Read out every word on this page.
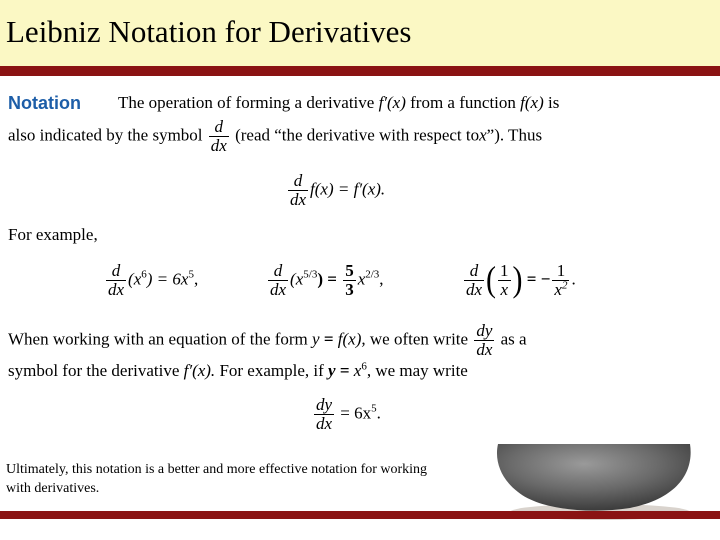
Leibniz Notation for Derivatives
Notation The operation of forming a derivative f′(x) from a function f(x) is
also indicated by the symbol $\frac{d}{dx}$ (read “the derivative with respect tox”). Thus
$\frac{d}{dx} f(x) = f'(x)$.
For example,
$\frac{d}{dx} (x^6) = 6x^5$,	$\frac{d}{dx} (x^{5/3}) = \frac{5}{3} x^{2/3}$,	$\frac{d}{dx}$ ( $\frac{1}{x}$ ) = − $\frac{1}{x^2}$ .
When working with an equation of the form y = f(x), we often write $\frac{dy}{dx}$ as a
symbol for the derivative f′(x). For example, if $y = x^6$, we may write
$\frac{dy}{dx} = 6x^5$.
Ultimately, this notation is a better and more effective notation for working with derivatives.
